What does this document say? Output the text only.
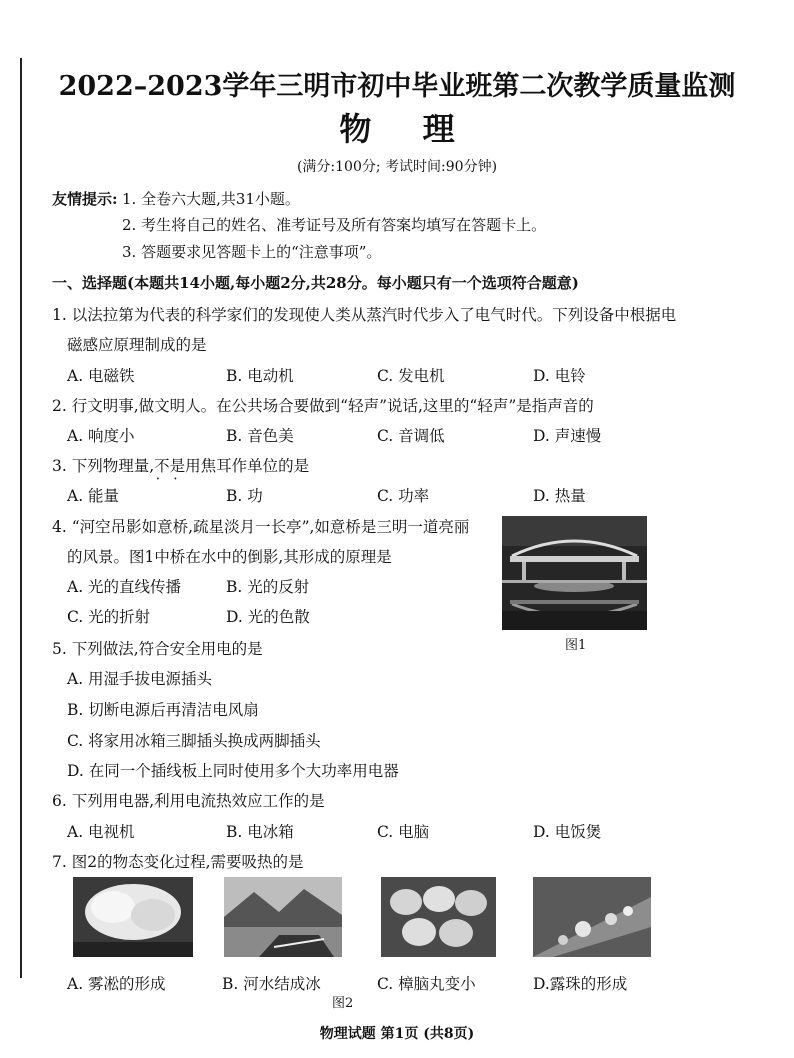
2022–2023学年三明市初中毕业班第二次教学质量监测
物 理
(满分:100分; 考试时间:90分钟)
友情提示: 1. 全卷六大题,共31小题。
2. 考生将自己的姓名、准考证号及所有答案均填写在答题卡上。
3. 答题要求见答题卡上的“注意事项”。
一、选择题(本题共14小题,每小题2分,共28分。每小题只有一个选项符合题意)
1. 以法拉第为代表的科学家们的发现使人类从蒸汽时代步入了电气时代。下列设备中根据电
磁感应原理制成的是
A. 电磁铁	B. 电动机	C. 发电机	D. 电铃
2. 行文明事,做文明人。在公共场合要做到“轻声”说话,这里的“轻声”是指声音的
A. 响度小	B. 音色美	C. 音调低	D. 声速慢
3. 下列物理量,不是 • •用焦耳作单位的是
A. 能量	B. 功	C. 功率	D. 热量
4. “河空吊影如意桥,疏星淡月一长亭”,如意桥是三明一道亮丽
的风景。图1中桥在水中的倒影,其形成的原理是
A. 光的直线传播	B. 光的反射
C. 光的折射	D. 光的色散
图1
5. 下列做法,符合安全用电的是
A. 用湿手拔电源插头
B. 切断电源后再清洁电风扇
C. 将家用冰箱三脚插头换成两脚插头
D. 在同一个插线板上同时使用多个大功率用电器
6. 下列用电器,利用电流热效应工作的是
A. 电视机	B. 电冰箱	C. 电脑	D. 电饭煲
7. 图2的物态变化过程,需要吸热的是
A. 雾凇的形成	B. 河水结成冰	C. 樟脑丸变小	D.露珠的形成
图2
物理试题 第1页 (共8页)
